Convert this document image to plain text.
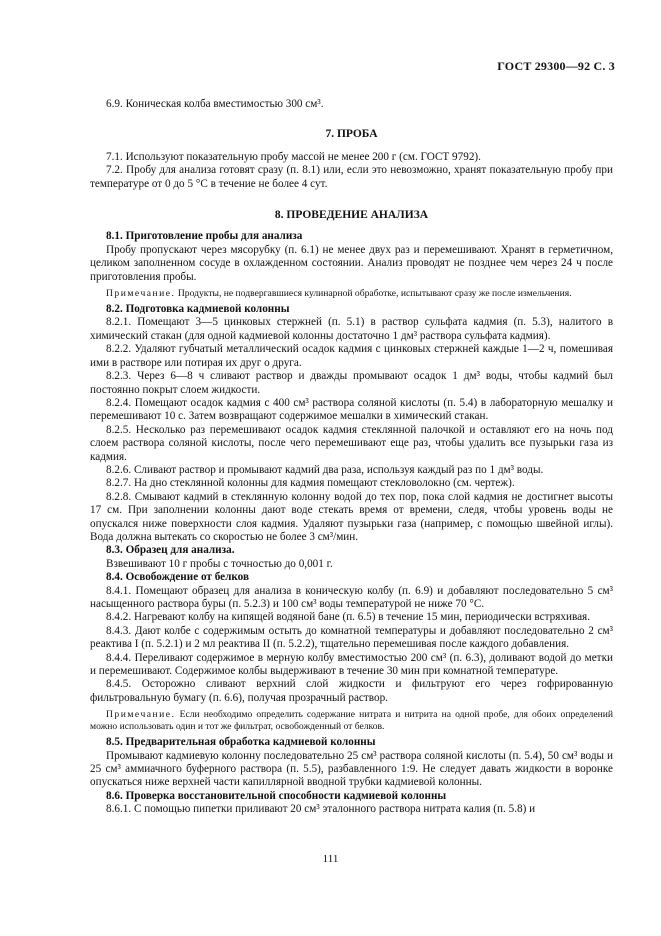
ГОСТ 29300—92 С. 3

6.9. Коническая колба вместимостью 300 см³.

7. ПРОБА

7.1. Используют показательную пробу массой не менее 200 г (см. ГОСТ 9792).

7.2. Пробу для анализа готовят сразу (п. 8.1) или, если это невозможно, хранят показательную пробу при температуре от 0 до 5 °С в течение не более 4 сут.

8. ПРОВЕДЕНИЕ АНАЛИЗА

8.1. Приготовление пробы для анализа

Пробу пропускают через мясорубку (п. 6.1) не менее двух раз и перемешивают. Хранят в герметичном, целиком заполненном сосуде в охлажденном состоянии. Анализ проводят не позднее чем через 24 ч после приготовления пробы.

Примечание. Продукты, не подвергавшиеся кулинарной обработке, испытывают сразу же после измельчения.

8.2. Подготовка кадмиевой колонны

8.2.1. Помещают 3—5 цинковых стержней (п. 5.1) в раствор сульфата кадмия (п. 5.3), налитого в химический стакан (для одной кадмиевой колонны достаточно 1 дм³ раствора сульфата кадмия).

8.2.2. Удаляют губчатый металлический осадок кадмия с цинковых стержней каждые 1—2 ч, помешивая ими в растворе или потирая их друг о друга.

8.2.3. Через 6—8 ч сливают раствор и дважды промывают осадок 1 дм³ воды, чтобы кадмий был постоянно покрыт слоем жидкости.

8.2.4. Помещают осадок кадмия с 400 см³ раствора соляной кислоты (п. 5.4) в лабораторную мешалку и перемешивают 10 с. Затем возвращают содержимое мешалки в химический стакан.

8.2.5. Несколько раз перемешивают осадок кадмия стеклянной палочкой и оставляют его на ночь под слоем раствора соляной кислоты, после чего перемешивают еще раз, чтобы удалить все пузырьки газа из кадмия.

8.2.6. Сливают раствор и промывают кадмий два раза, используя каждый раз по 1 дм³ воды.

8.2.7. На дно стеклянной колонны для кадмия помещают стекловолокно (см. чертеж).

8.2.8. Смывают кадмий в стеклянную колонну водой до тех пор, пока слой кадмия не достигнет высоты 17 см. При заполнении колонны дают воде стекать время от времени, следя, чтобы уровень воды не опускался ниже поверхности слоя кадмия. Удаляют пузырьки газа (например, с помощью швейной иглы). Вода должна вытекать со скоростью не более 3 см³/мин.

8.3. Образец для анализа.

Взвешивают 10 г пробы с точностью до 0,001 г.

8.4. Освобождение от белков

8.4.1. Помещают образец для анализа в коническую колбу (п. 6.9) и добавляют последовательно 5 см³ насыщенного раствора буры (п. 5.2.3) и 100 см³ воды температурой не ниже 70 °С.

8.4.2. Нагревают колбу на кипящей водяной бане (п. 6.5) в течение 15 мин, периодически встряхивая.

8.4.3. Дают колбе с содержимым остыть до комнатной температуры и добавляют последовательно 2 см³ реактива I (п. 5.2.1) и 2 мл реактива II (п. 5.2.2), тщательно перемешивая после каждого добавления.

8.4.4. Переливают содержимое в мерную колбу вместимостью 200 см³ (п. 6.3), доливают водой до метки и перемешивают. Содержимое колбы выдерживают в течение 30 мин при комнатной температуре.

8.4.5. Осторожно сливают верхний слой жидкости и фильтруют его через гофрированную фильтровальную бумагу (п. 6.6), получая прозрачный раствор.

Примечание. Если необходимо определить содержание нитрата и нитрита на одной пробе, для обоих определений можно использовать один и тот же фильтрат, освобожденный от белков.

8.5. Предварительная обработка кадмиевой колонны

Промывают кадмиевую колонну последовательно 25 см³ раствора соляной кислоты (п. 5.4), 50 см³ воды и 25 см³ аммиачного буферного раствора (п. 5.5), разбавленного 1:9. Не следует давать жидкости в воронке опускаться ниже верхней части капиллярной вводной трубки кадмиевой колонны.

8.6. Проверка восстановительной способности кадмиевой колонны

8.6.1. С помощью пипетки приливают 20 см³ эталонного раствора нитрата калия (п. 5.8) и

111
